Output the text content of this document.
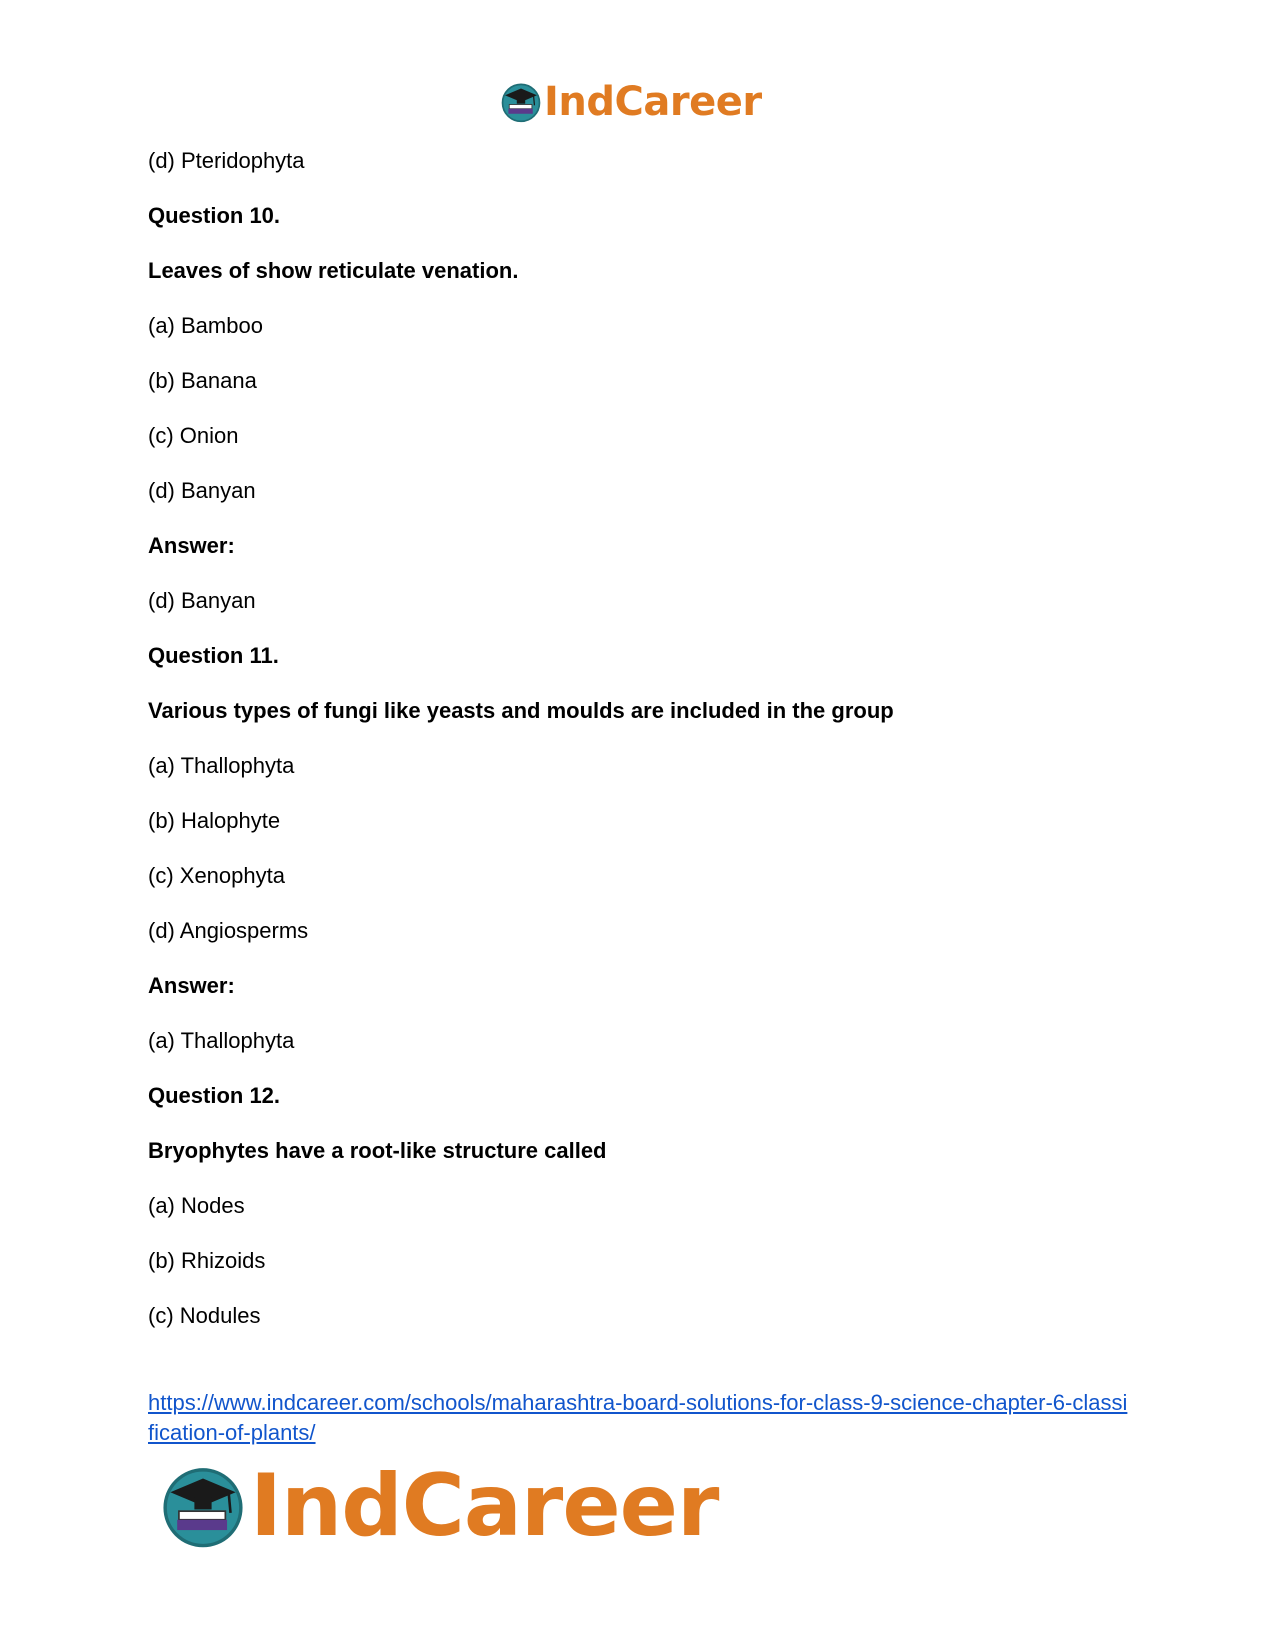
IndCareer
(d) Pteridophyta
Question 10.
Leaves of show reticulate venation.
(a) Bamboo
(b) Banana
(c) Onion
(d) Banyan
Answer:
(d) Banyan
Question 11.
Various types of fungi like yeasts and moulds are included in the group
(a) Thallophyta
(b) Halophyte
(c) Xenophyta
(d) Angiosperms
Answer:
(a) Thallophyta
Question 12.
Bryophytes have a root-like structure called
(a) Nodes
(b) Rhizoids
(c) Nodules
https://www.indcareer.com/schools/maharashtra-board-solutions-for-class-9-science-chapter-6-classification-of-plants/
IndCareer
